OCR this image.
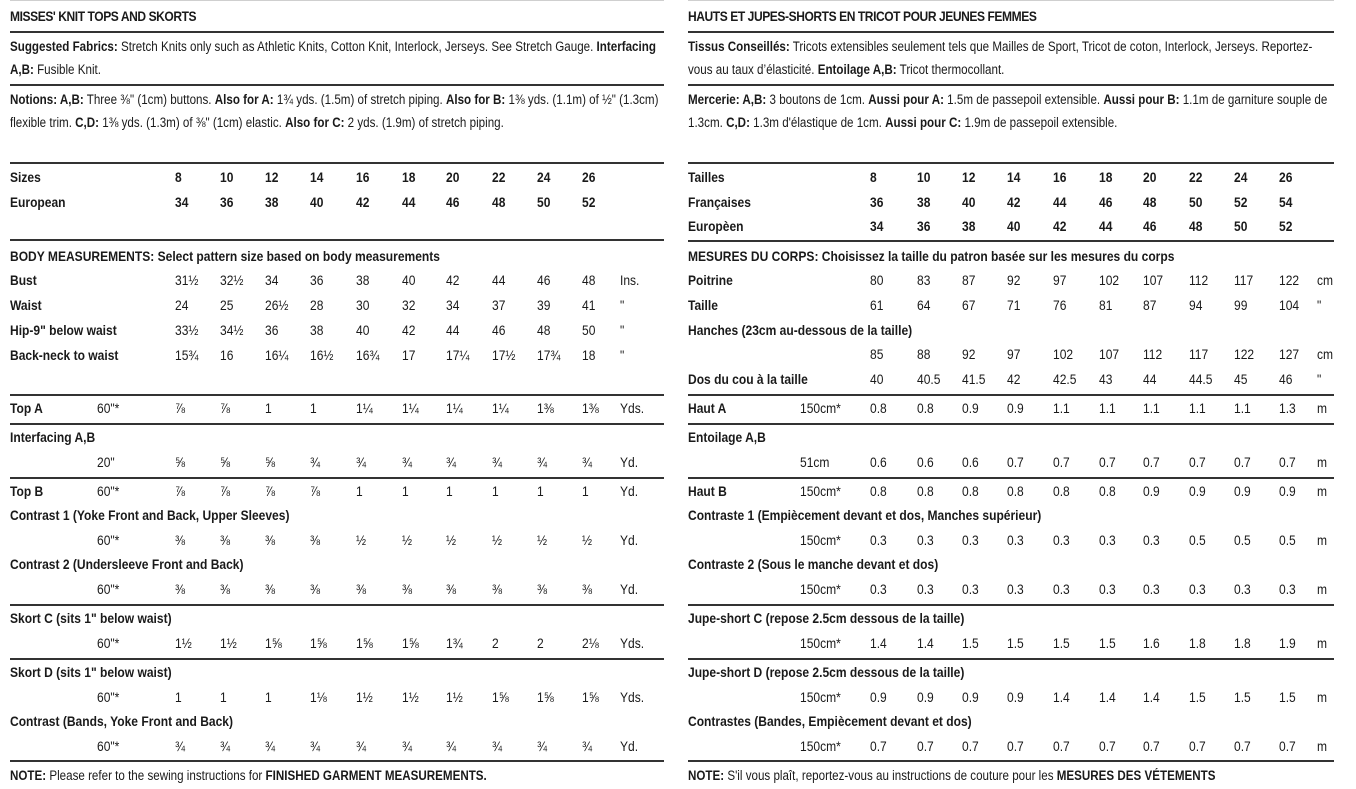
MISSES' KNIT TOPS AND SKORTS
Suggested Fabrics: Stretch Knits only such as Athletic Knits, Cotton Knit, Interlock, Jerseys. See Stretch Gauge. Interfacing A,B: Fusible Knit.
Notions: A,B: Three ⅜" (1cm) buttons. Also for A: 1¾ yds. (1.5m) of stretch piping. Also for B: 1⅜ yds. (1.1m) of ½" (1.3cm) flexible trim. C,D: 1⅜ yds. (1.3m) of ⅜" (1cm) elastic. Also for C: 2 yds. (1.9m) of stretch piping.
Sizes	8	10 12 14 16 18 20 22 24 26
European	34 36 38 40 42 44 46 48 50 52
BODY MEASUREMENTS: Select pattern size based on body measurements
Bust	31½ 32½ 34 36 38 40 42 44 46 48 Ins.
Waist	24 25 26½ 28 30 32 34 37 39 41 "
Hip-9" below waist	33½ 34½ 36 38 40 42 44 46 48 50 "
Back-neck to waist	15¾ 16 16¼ 16½ 16¾ 17 17¼ 17½ 17¾ 18 "
Top A	60"*	⅞ ⅞ 1	1	1¼ 1¼ 1¼ 1¼ 1⅜ 1⅜ Yds.
Interfacing A,B
20"	⅝ ⅝ ⅝ ¾	¾	¾ ¾	¾ ¾ ¾ Yd.
Top B	60"*	⅞ ⅞ ⅞ ⅞	1	1	1	1	1	1 Yd.
Contrast 1 (Yoke Front and Back, Upper Sleeves)
60"*	⅜ ⅜ ⅜ ⅜	½	½ ½	½ ½ ½ Yd.
Contrast 2 (Undersleeve Front and Back)
60"*	⅜ ⅜ ⅜ ⅜	⅜	⅜ ⅜	⅜ ⅜ ⅜ Yd.
Skort C (sits 1" below waist)
60"*	1½ 1½ 1⅝ 1⅝ 1⅝ 1⅝ 1¾ 2	2	2⅛ Yds.
Skort D (sits 1" below waist)
60"*	1	1	1	1⅛ 1½ 1½ 1½ 1⅝ 1⅝ 1⅝ Yds.
Contrast (Bands, Yoke Front and Back)
60"*	¾ ¾ ¾ ¾	¾	¾ ¾	¾ ¾ ¾ Yd.
NOTE: Please refer to the sewing instructions for FINISHED GARMENT MEASUREMENTS.
HAUTS ET JUPES-SHORTS EN TRICOT POUR JEUNES FEMMES
Tissus Conseillés: Tricots extensibles seulement tels que Mailles de Sport, Tricot de coton, Interlock, Jerseys. Reportez-vous au taux d’élasticité. Entoilage A,B: Tricot thermocollant.
Mercerie: A,B: 3 boutons de 1cm. Aussi pour A: 1.5m de passepoil extensible. Aussi pour B: 1.1m de garniture souple de 1.3cm. C,D: 1.3m d'élastique de 1cm. Aussi pour C: 1.9m de passepoil extensible.
Tailles	8	10 12 14 16 18 20 22 24 26
Françaises	36 38 40 42 44 46 48 50 52 54
Europèen	34 36 38 40 42 44 46 48 50 52
MESURES DU CORPS: Choisissez la taille du patron basée sur les mesures du corps
Poitrine	80 83 87 92 97 102 107 112 117 122 cm
Taille	61 64 67 71 76 81 87 94 99 104 "
Hanches (23cm au-dessous de la taille)
85 88 92 97 102 107 112 117 122 127 cm
Dos du cou à la taille	40 40.5 41.5 42 42.5 43 44 44.5 45 46 "
Haut A	150cm* 0.8 0.8 0.9 0.9 1.1 1.1 1.1 1.1 1.1 1.3 m
Entoilage A,B
51cm	0.6 0.6 0.6 0.7 0.7 0.7 0.7 0.7 0.7 0.7 m
Haut B	150cm* 0.8 0.8 0.8 0.8 0.8 0.8 0.9 0.9 0.9 0.9 m
Contraste 1 (Empiècement devant et dos, Manches supérieur)
150cm* 0.3 0.3 0.3 0.3 0.3 0.3 0.3 0.5 0.5 0.5 m
Contraste 2 (Sous le manche devant et dos)
150cm* 0.3 0.3 0.3 0.3 0.3 0.3 0.3 0.3 0.3 0.3 m
Jupe-short C (repose 2.5cm dessous de la taille)
150cm* 1.4 1.4 1.5 1.5 1.5 1.5 1.6 1.8 1.8 1.9 m
Jupe-short D (repose 2.5cm dessous de la taille)
150cm* 0.9 0.9 0.9 0.9 1.4 1.4 1.4 1.5 1.5 1.5 m
Contrastes (Bandes, Empiècement devant et dos)
150cm* 0.7 0.7 0.7 0.7 0.7 0.7 0.7 0.7 0.7 0.7 m
NOTE: S'il vous plaît, reportez-vous au instructions de couture pour les MESURES DES VÉTEMENTS
